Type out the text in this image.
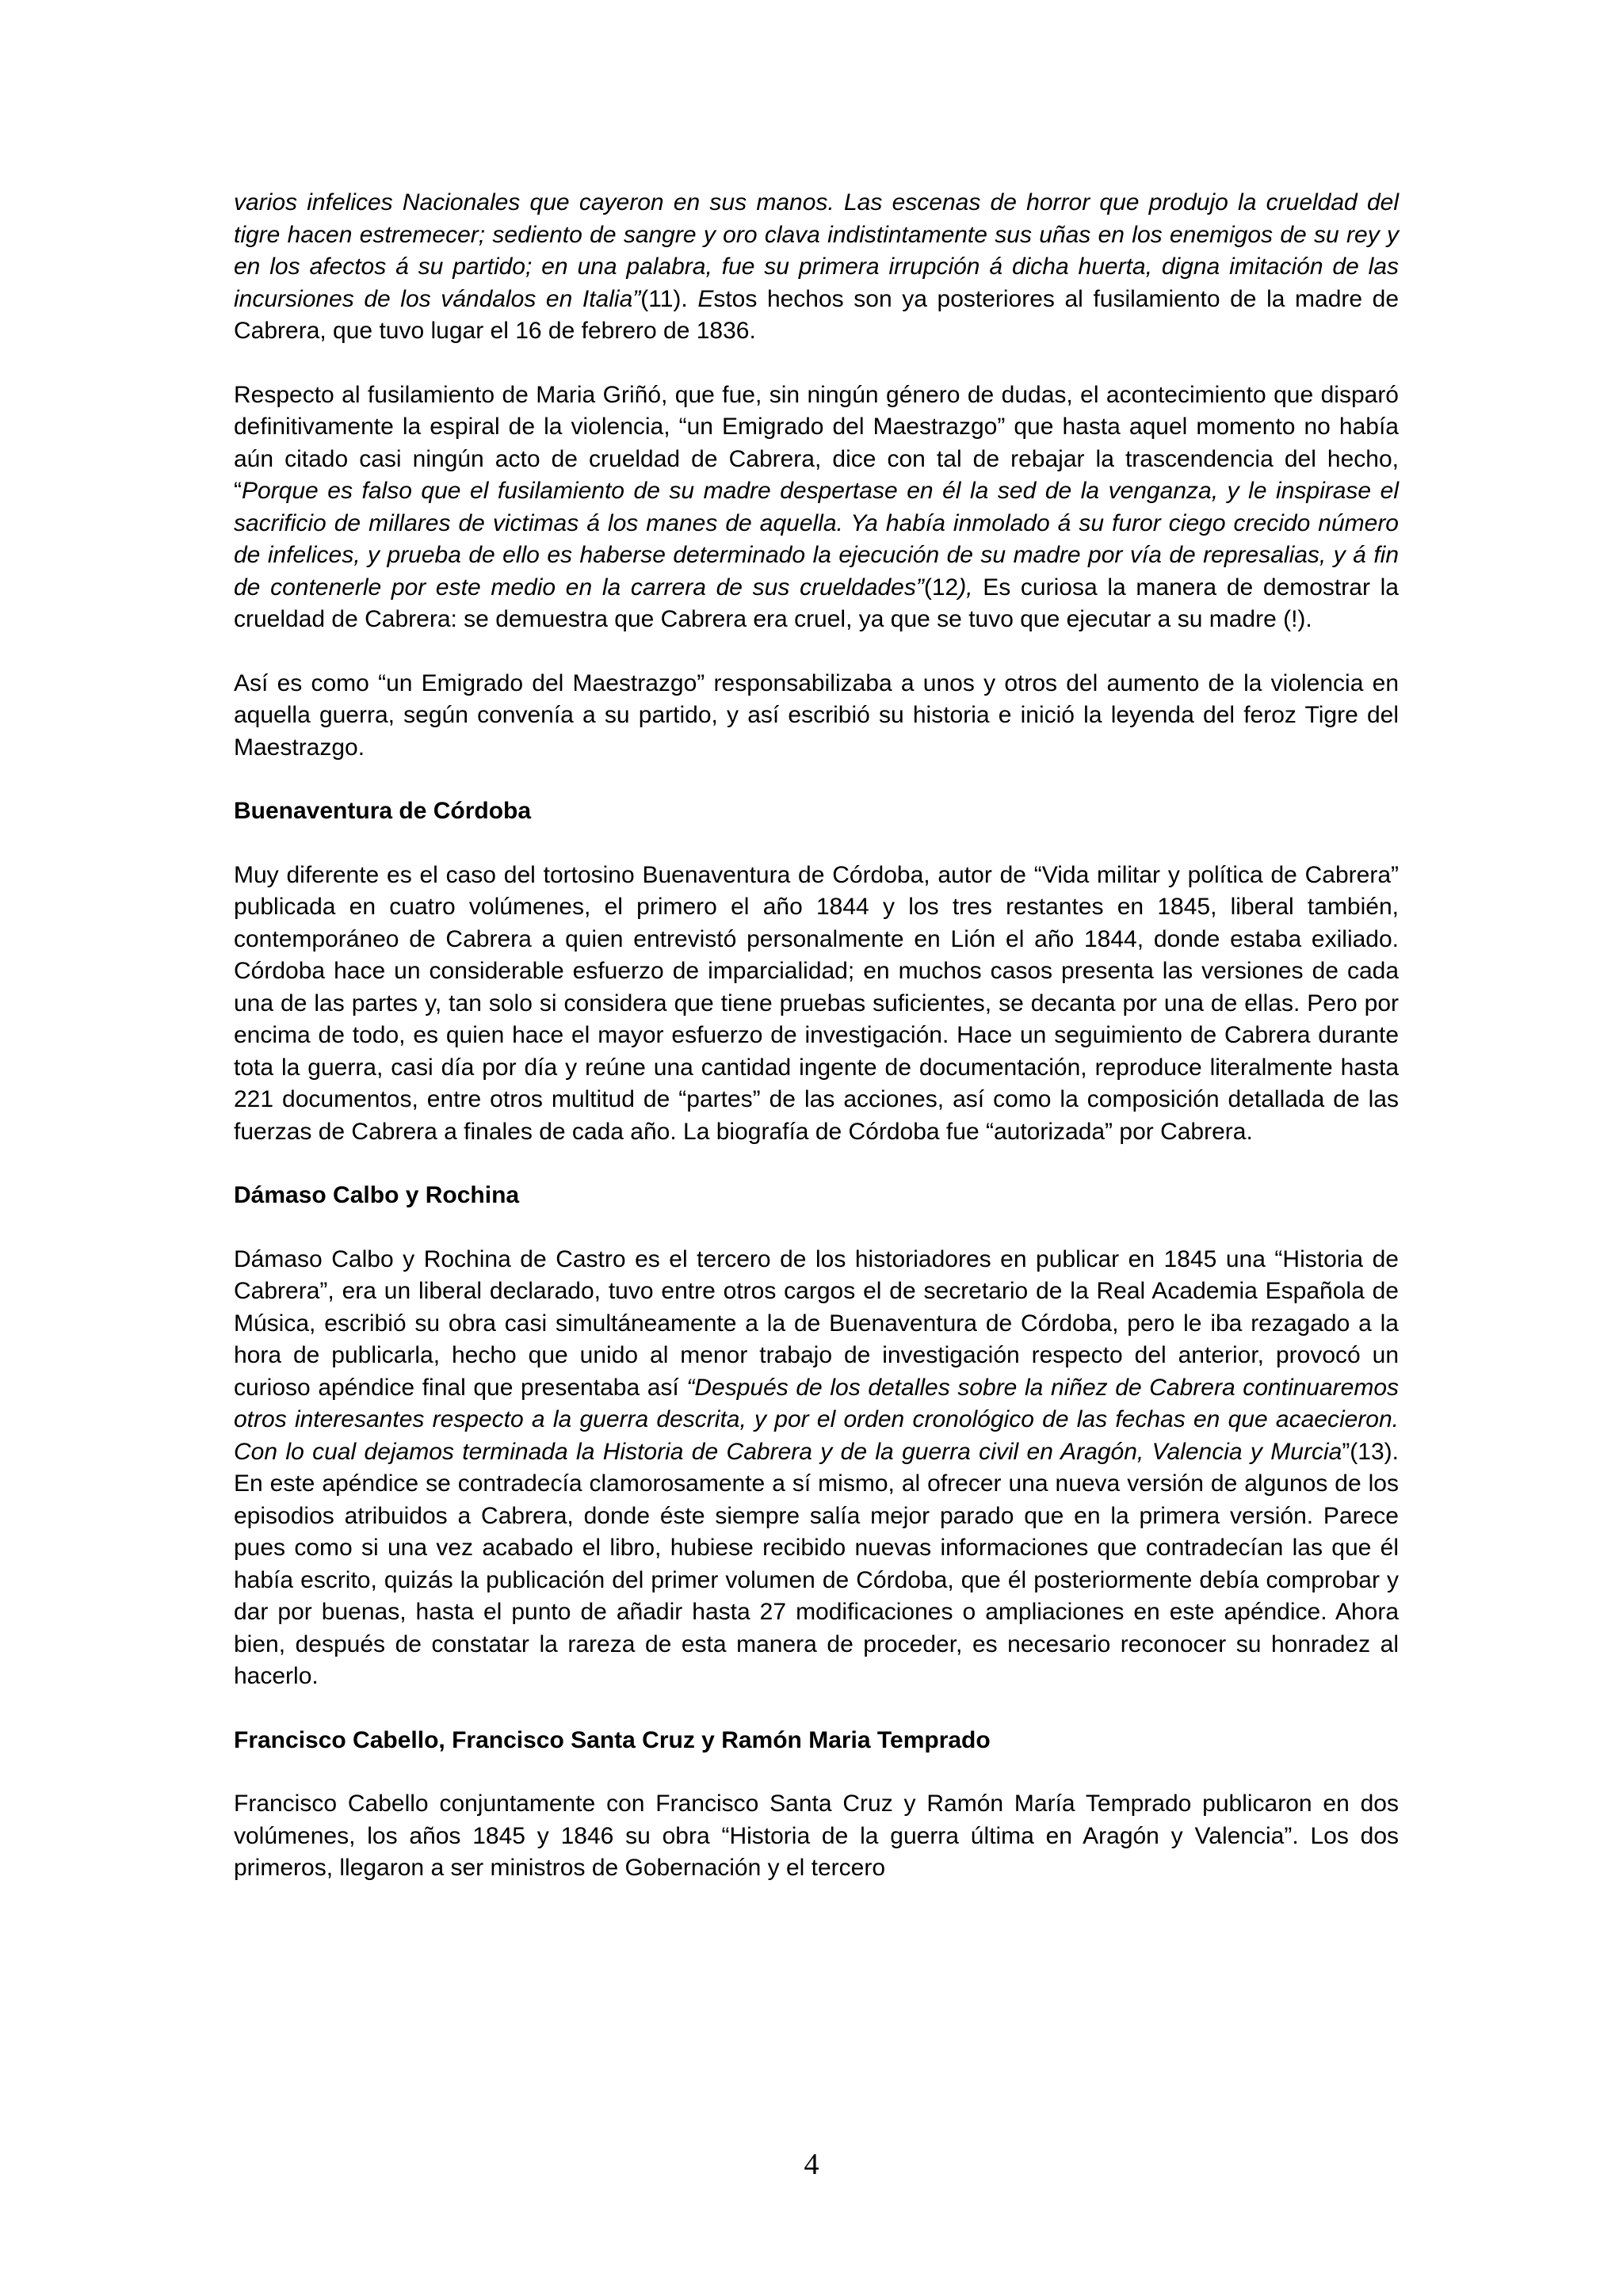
varios infelices Nacionales que cayeron en sus manos. Las escenas de horror que produjo la crueldad del tigre hacen estremecer; sediento de sangre y oro clava indistintamente sus uñas en los enemigos de su rey y en los afectos á su partido; en una palabra, fue su primera irrupción á dicha huerta, digna imitación de las incursiones de los vándalos en Italia”(11). Estos hechos son ya posteriores al fusilamiento de la madre de Cabrera, que tuvo lugar el 16 de febrero de 1836.

Respecto al fusilamiento de Maria Griñó, que fue, sin ningún género de dudas, el acontecimiento que disparó definitivamente la espiral de la violencia, “un Emigrado del Maestrazgo” que hasta aquel momento no había aún citado casi ningún acto de crueldad de Cabrera, dice con tal de rebajar la trascendencia del hecho, “Porque es falso que el fusilamiento de su madre despertase en él la sed de la venganza, y le inspirase el sacrificio de millares de victimas á los manes de aquella. Ya había inmolado á su furor ciego crecido número de infelices, y prueba de ello es haberse determinado la ejecución de su madre por vía de represalias, y á fin de contenerle por este medio en la carrera de sus crueldades”(12), Es curiosa la manera de demostrar la crueldad de Cabrera: se demuestra que Cabrera era cruel, ya que se tuvo que ejecutar a su madre (!).

Así es como “un Emigrado del Maestrazgo” responsabilizaba a unos y otros del aumento de la violencia en aquella guerra, según convenía a su partido, y así escribió su historia e inició la leyenda del feroz Tigre del Maestrazgo.

Buenaventura de Córdoba

Muy diferente es el caso del tortosino Buenaventura de Córdoba, autor de “Vida militar y política de Cabrera” publicada en cuatro volúmenes, el primero el año 1844 y los tres restantes en 1845, liberal también, contemporáneo de Cabrera a quien entrevistó personalmente en Lión el año 1844, donde estaba exiliado. Córdoba hace un considerable esfuerzo de imparcialidad; en muchos casos presenta las versiones de cada una de las partes y, tan solo si considera que tiene pruebas suficientes, se decanta por una de ellas. Pero por encima de todo, es quien hace el mayor esfuerzo de investigación. Hace un seguimiento de Cabrera durante tota la guerra, casi día por día y reúne una cantidad ingente de documentación, reproduce literalmente hasta 221 documentos, entre otros multitud de “partes” de las acciones, así como la composición detallada de las fuerzas de Cabrera a finales de cada año. La biografía de Córdoba fue “autorizada” por Cabrera.

Dámaso Calbo y Rochina

Dámaso Calbo y Rochina de Castro es el tercero de los historiadores en publicar en 1845 una “Historia de Cabrera”, era un liberal declarado, tuvo entre otros cargos el de secretario de la Real Academia Española de Música, escribió su obra casi simultáneamente a la de Buenaventura de Córdoba, pero le iba rezagado a la hora de publicarla, hecho que unido al menor trabajo de investigación respecto del anterior, provocó un curioso apéndice final que presentaba así “Después de los detalles sobre la niñez de Cabrera continuaremos otros interesantes respecto a la guerra descrita, y por el orden cronológico de las fechas en que acaecieron. Con lo cual dejamos terminada la Historia de Cabrera y de la guerra civil en Aragón, Valencia y Murcia”(13). En este apéndice se contradecía clamorosamente a sí mismo, al ofrecer una nueva versión de algunos de los episodios atribuidos a Cabrera, donde éste siempre salía mejor parado que en la primera versión. Parece pues como si una vez acabado el libro, hubiese recibido nuevas informaciones que contradecían las que él había escrito, quizás la publicación del primer volumen de Córdoba, que él posteriormente debía comprobar y dar por buenas, hasta el punto de añadir hasta 27 modificaciones o ampliaciones en este apéndice. Ahora bien, después de constatar la rareza de esta manera de proceder, es necesario reconocer su honradez al hacerlo.

Francisco Cabello, Francisco Santa Cruz y Ramón Maria Temprado

Francisco Cabello conjuntamente con Francisco Santa Cruz y Ramón María Temprado publicaron en dos volúmenes, los años 1845 y 1846 su obra “Historia de la guerra última en Aragón y Valencia”. Los dos primeros, llegaron a ser ministros de Gobernación y el tercero

4
